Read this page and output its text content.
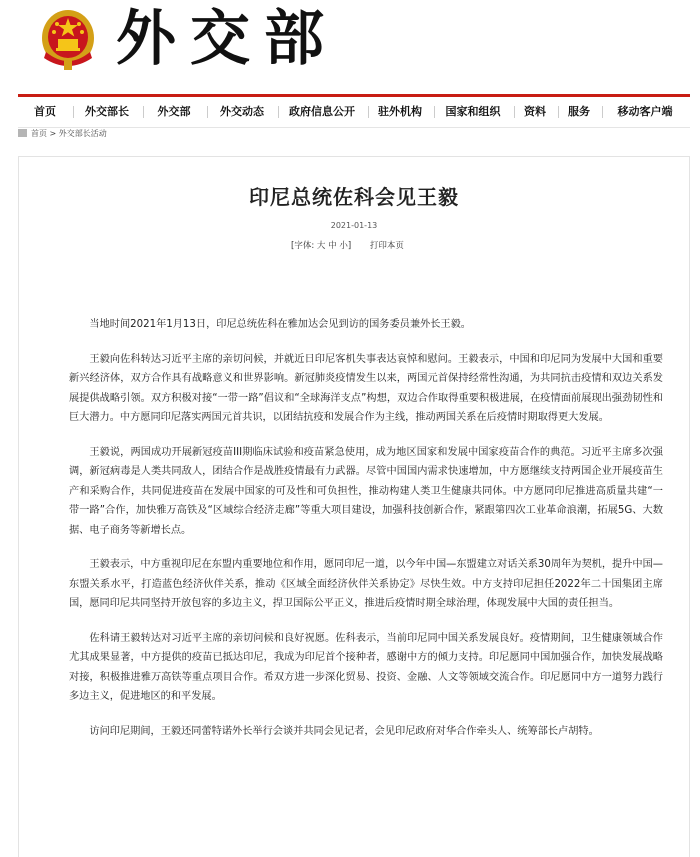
外交部
首页	外交部长	外交部	外交动态	政府信息公开	驻外机构	国家和组织	资料	服务	移动客户端
首页 > 外交部长活动
印尼总统佐科会见王毅
2021-01-13
[字体: 大 中 小] 打印本页

当地时间2021年1月13日，印尼总统佐科在雅加达会见到访的国务委员兼外长王毅。

王毅向佐科转达习近平主席的亲切问候，并就近日印尼客机失事表达哀悼和慰问。王毅表示，中国和印尼同为发展中大国和重要新兴经济体，双方合作具有战略意义和世界影响。新冠肺炎疫情发生以来，两国元首保持经常性沟通，为共同抗击疫情和双边关系发展提供战略引领。双方积极对接“一带一路”倡议和“全球海洋支点”构想，双边合作取得重要积极进展，在疫情面前展现出强劲韧性和巨大潜力。中方愿同印尼落实两国元首共识，以团结抗疫和发展合作为主线，推动两国关系在后疫情时期取得更大发展。

王毅说，两国成功开展新冠疫苗III期临床试验和疫苗紧急使用，成为地区国家和发展中国家疫苗合作的典范。习近平主席多次强调，新冠病毒是人类共同敌人，团结合作是战胜疫情最有力武器。尽管中国国内需求快速增加，中方愿继续支持两国企业开展疫苗生产和采购合作，共同促进疫苗在发展中国家的可及性和可负担性，推动构建人类卫生健康共同体。中方愿同印尼推进高质量共建“一带一路”合作，加快雅万高铁及“区域综合经济走廊”等重大项目建设，加强科技创新合作，紧跟第四次工业革命浪潮，拓展5G、大数据、电子商务等新增长点。

王毅表示，中方重视印尼在东盟内重要地位和作用，愿同印尼一道，以今年中国—东盟建立对话关系30周年为契机，提升中国—东盟关系水平，打造蓝色经济伙伴关系，推动《区域全面经济伙伴关系协定》尽快生效。中方支持印尼担任2022年二十国集团主席国，愿同印尼共同坚持开放包容的多边主义，捍卫国际公平正义，推进后疫情时期全球治理，体现发展中大国的责任担当。

佐科请王毅转达对习近平主席的亲切问候和良好祝愿。佐科表示，当前印尼同中国关系发展良好。疫情期间，卫生健康领域合作尤其成果显著，中方提供的疫苗已抵达印尼，我成为印尼首个接种者，感谢中方的倾力支持。印尼愿同中国加强合作，加快发展战略对接，积极推进雅万高铁等重点项目合作。希双方进一步深化贸易、投资、金融、人文等领域交流合作。印尼愿同中方一道努力践行多边主义，促进地区的和平发展。

访问印尼期间，王毅还同蕾特诺外长举行会谈并共同会见记者，会见印尼政府对华合作牵头人、统筹部长卢胡特。
